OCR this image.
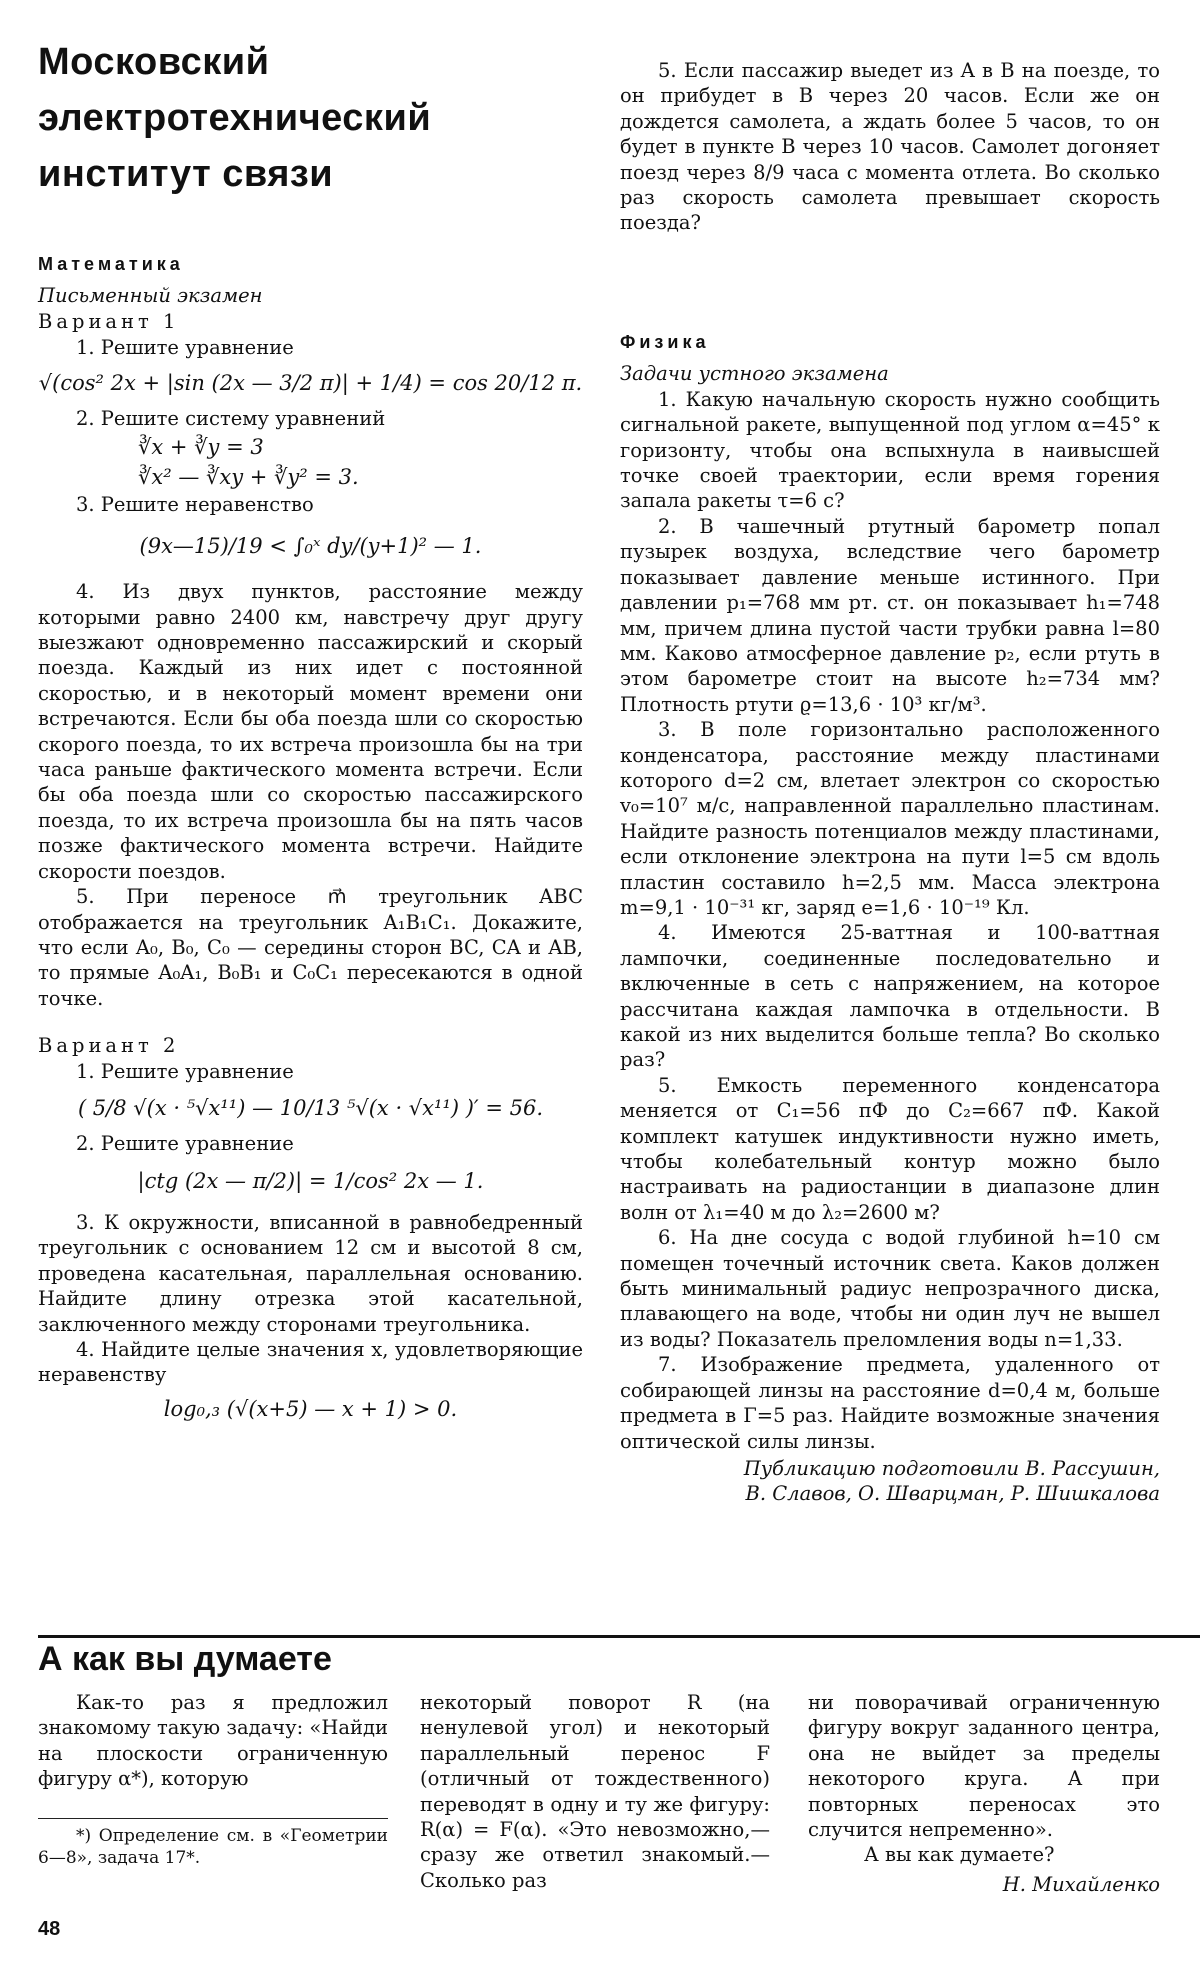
Московский
электротехнический
институт связи
Математика
Письменный экзамен
Вариант 1

1. Решите уравнение

√(cos² 2x + |sin (2x — 3/2 π)| + 1/4) = cos 20/12 π.

2. Решите систему уравнений

∛x + ∛y = 3
∛x² — ∛xy + ∛y² = 3.

3. Решите неравенство

(9x—15)/19 < ∫₀ˣ dy/(y+1)² — 1.

4. Из двух пунктов, расстояние между которыми равно 2400 км, навстречу друг другу выезжают одновременно пассажирский и скорый поезда. Каждый из них идет с постоянной скоростью, и в некоторый момент времени они встречаются. Если бы оба поезда шли со скоростью скорого поезда, то их встреча произошла бы на три часа раньше фактического момента встречи. Если бы оба поезда шли со скоростью пассажирского поезда, то их встреча произошла бы на пять часов позже фактического момента встречи. Найдите скорости поездов.

5. При переносе m⃗ треугольник ABC отображается на треугольник A₁B₁C₁. Докажите, что если A₀, B₀, C₀ — середины сторон BC, CA и AB, то прямые A₀A₁, B₀B₁ и C₀C₁ пересекаются в одной точке.

Вариант 2

1. Решите уравнение

( 5/8 √(x · ⁵√x¹¹) — 10/13 ⁵√(x · √x¹¹) )′ = 56.

2. Решите уравнение

|ctg (2x — π/2)| = 1/cos² 2x — 1.

3. К окружности, вписанной в равнобедренный треугольник с основанием 12 см и высотой 8 см, проведена касательная, параллельная основанию. Найдите длину отрезка этой касательной, заключенного между сторонами треугольника.

4. Найдите целые значения x, удовлетворяющие неравенству

log₀,₃ (√(x+5) — x + 1) > 0.

5. Если пассажир выедет из A в B на поезде, то он прибудет в B через 20 часов. Если же он дождется самолета, а ждать более 5 часов, то он будет в пункте B через 10 часов. Самолет догоняет поезд через 8/9 часа с момента отлета. Во сколько раз скорость самолета превышает скорость поезда?

Физика
Задачи устного экзамена

1. Какую начальную скорость нужно сообщить сигнальной ракете, выпущенной под углом α=45° к горизонту, чтобы она вспыхнула в наивысшей точке своей траектории, если время горения запала ракеты τ=6 с?

2. В чашечный ртутный барометр попал пузырек воздуха, вследствие чего барометр показывает давление меньше истинного. При давлении p₁=768 мм рт. ст. он показывает h₁=748 мм, причем длина пустой части трубки равна l=80 мм. Каково атмосферное давление p₂, если ртуть в этом барометре стоит на высоте h₂=734 мм? Плотность ртути ϱ=13,6 · 10³ кг/м³.

3. В поле горизонтально расположенного конденсатора, расстояние между пластинами которого d=2 см, влетает электрон со скоростью v₀=10⁷ м/с, направленной параллельно пластинам. Найдите разность потенциалов между пластинами, если отклонение электрона на пути l=5 см вдоль пластин составило h=2,5 мм. Масса электрона m=9,1 · 10⁻³¹ кг, заряд e=1,6 · 10⁻¹⁹ Кл.

4. Имеются 25-ваттная и 100-ваттная лампочки, соединенные последовательно и включенные в сеть с напряжением, на которое рассчитана каждая лампочка в отдельности. В какой из них выделится больше тепла? Во сколько раз?

5. Емкость переменного конденсатора меняется от C₁=56 пФ до C₂=667 пФ. Какой комплект катушек индуктивности нужно иметь, чтобы колебательный контур можно было настраивать на радиостанции в диапазоне длин волн от λ₁=40 м до λ₂=2600 м?

6. На дне сосуда с водой глубиной h=10 см помещен точечный источник света. Каков должен быть минимальный радиус непрозрачного диска, плавающего на воде, чтобы ни один луч не вышел из воды? Показатель преломления воды n=1,33.

7. Изображение предмета, удаленного от собирающей линзы на расстояние d=0,4 м, больше предмета в Γ=5 раз. Найдите возможные значения оптической силы линзы.

Публикацию подготовили В. Рассушин,
В. Славов, О. Шварцман, Р. Шишкалова
А как вы думаете

Как-то раз я предложил знакомому такую задачу: «Найди на плоскости ограниченную фигуру α*), которую

*) Определение см. в «Геометрии 6—8», задача 17*.

некоторый поворот R (на ненулевой угол) и некоторый параллельный перенос F (отличный от тождественного) переводят в одну и ту же фигуру: R(α) = F(α). «Это невозможно,— сразу же ответил знакомый.— Сколько раз

ни поворачивай ограниченную фигуру вокруг заданного центра, она не выйдет за пределы некоторого круга. А при повторных переносах это случится непременно».

А вы как думаете?

Н. Михайленко
48
